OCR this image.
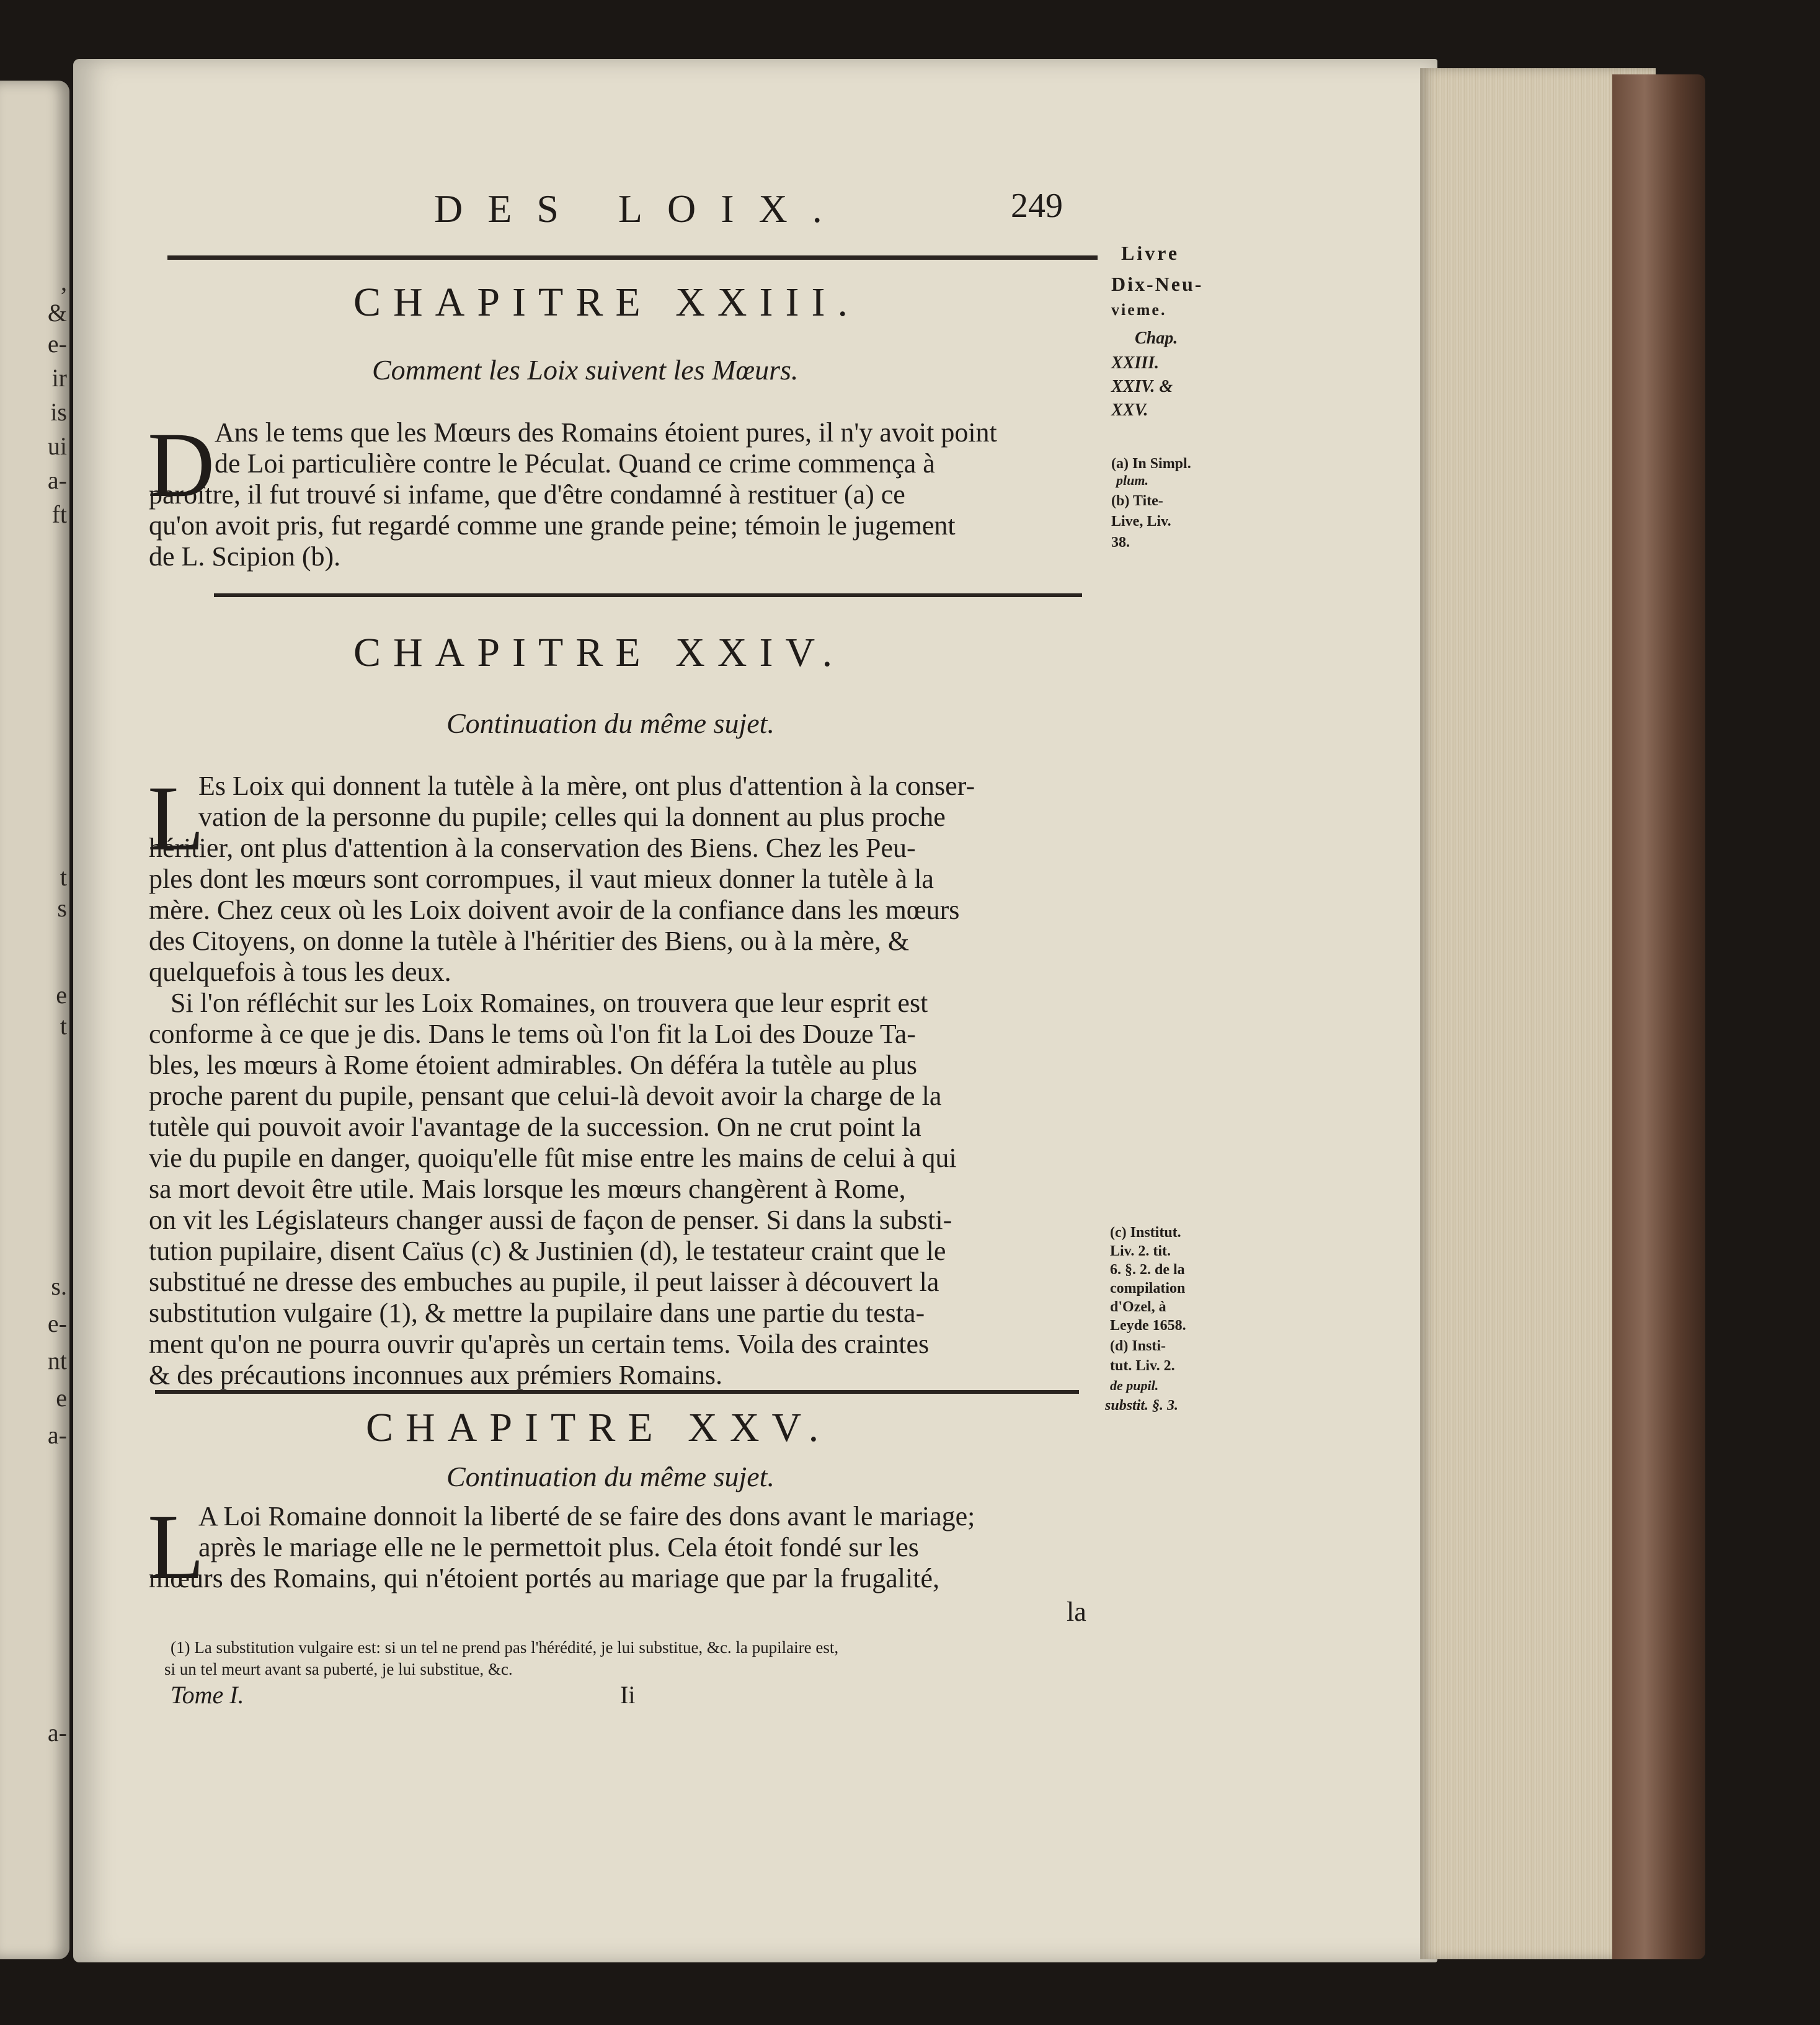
,
&
e-
ir
is
ui
a-
ft
t
s
e
t
s.
e-
nt
e
a-
a-
DES LOIX.	249
Livre
Dix-Neu-
vieme.
Chap.
XXIII.
XXIV. &
XXV.
(a) In Simpl.
plum.
(b) Tite-
Live, Liv.
38.
CHAPITRE XXIII.
Comment les Loix suivent les Mœurs.
D Ans le tems que les Mœurs des Romains étoient pures, il n'y avoit point
de Loi particulière contre le Péculat. Quand ce crime commença à
paroître, il fut trouvé si infame, que d'être condamné à restituer (a) ce
qu'on avoit pris, fut regardé comme une grande peine; témoin le jugement
de L. Scipion (b).
CHAPITRE XXIV.
Continuation du même sujet.
L
Es Loix qui donnent la tutèle à la mère, ont plus d'attention à la conser-
vation de la personne du pupile; celles qui la donnent au plus proche
héritier, ont plus d'attention à la conservation des Biens. Chez les Peu-
ples dont les mœurs sont corrompues, il vaut mieux donner la tutèle à la
mère. Chez ceux où les Loix doivent avoir de la confiance dans les mœurs
des Citoyens, on donne la tutèle à l'héritier des Biens, ou à la mère, &
quelquefois à tous les deux.
Si l'on réfléchit sur les Loix Romaines, on trouvera que leur esprit est
conforme à ce que je dis. Dans le tems où l'on fit la Loi des Douze Ta-
bles, les mœurs à Rome étoient admirables. On déféra la tutèle au plus
proche parent du pupile, pensant que celui-là devoit avoir la charge de la
tutèle qui pouvoit avoir l'avantage de la succession. On ne crut point la
vie du pupile en danger, quoiqu'elle fût mise entre les mains de celui à qui
sa mort devoit être utile. Mais lorsque les mœurs changèrent à Rome,
on vit les Législateurs changer aussi de façon de penser. Si dans la substi-
tution pupilaire, disent Caïus (c) & Justinien (d), le testateur craint que le
substitué ne dresse des embuches au pupile, il peut laisser à découvert la
substitution vulgaire (1), & mettre la pupilaire dans une partie du testa-
ment qu'on ne pourra ouvrir qu'après un certain tems. Voila des craintes
& des précautions inconnues aux prémiers Romains.
(c) Institut.
Liv. 2. tit.
6. §. 2. de la
compilation
d'Ozel, à
Leyde 1658.
(d) Insti-
tut. Liv. 2.
de pupil.
substit. §. 3.
CHAPITRE XXV.
Continuation du même sujet.
L
A Loi Romaine donnoit la liberté de se faire des dons avant le mariage;
après le mariage elle ne le permettoit plus. Cela étoit fondé sur les
mœurs des Romains, qui n'étoient portés au mariage que par la frugalité,
la
(1) La substitution vulgaire est: si un tel ne prend pas l'hérédité, je lui substitue, &c. la pupilaire est,
si un tel meurt avant sa puberté, je lui substitue, &c.
Tome I.	Ii
